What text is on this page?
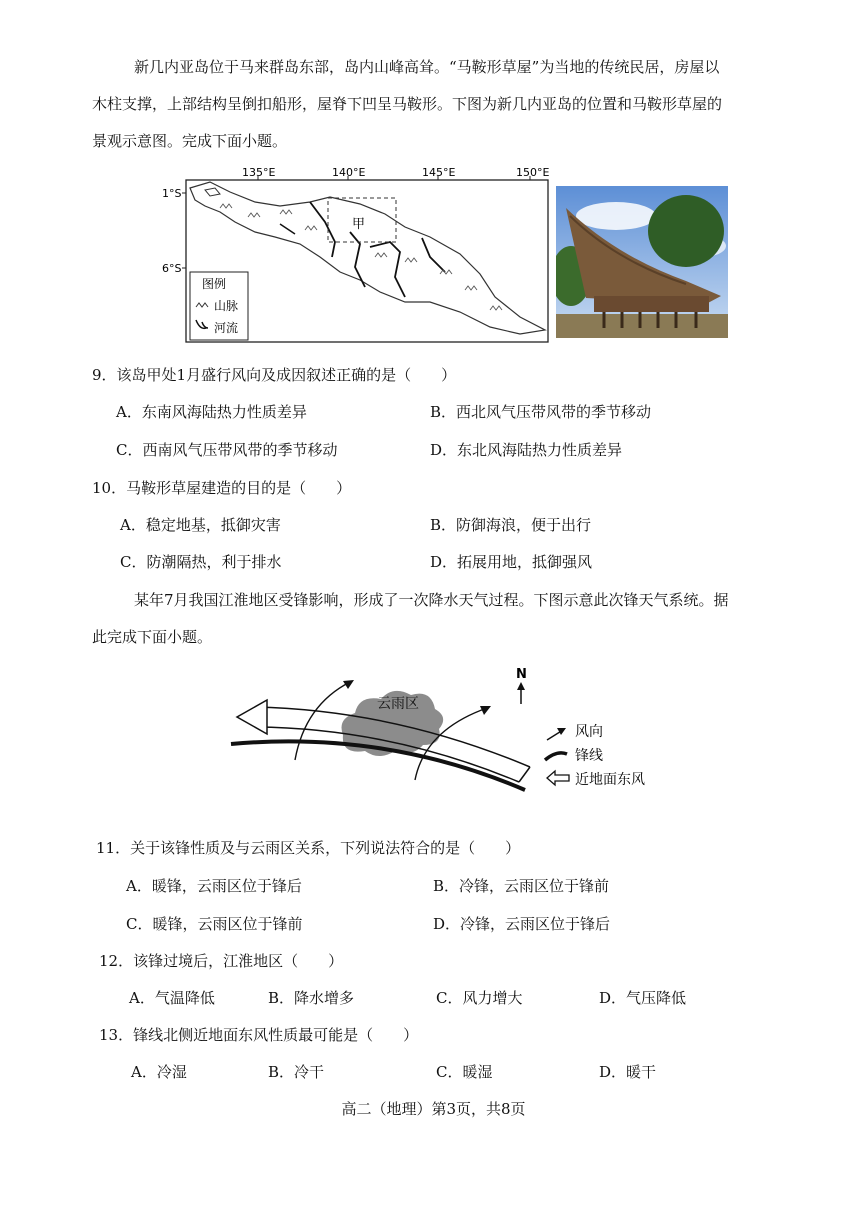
新几内亚岛位于马来群岛东部，岛内山峰高耸。“马鞍形草屋”为当地的传统民居，房屋以
木柱支撑，上部结构呈倒扣船形，屋脊下凹呈马鞍形。下图为新几内亚岛的位置和马鞍形草屋的
景观示意图。完成下面小题。
135°E	140°E	145°E	150°E
1°S
6°S
甲
图例
山脉
河流
9．该岛甲处1月盛行风向及成因叙述正确的是（　　）
A．东南风海陆热力性质差异	B．西北风气压带风带的季节移动
C．西南风气压带风带的季节移动	D．东北风海陆热力性质差异
10．马鞍形草屋建造的目的是（　　）
A．稳定地基，抵御灾害	B．防御海浪，便于出行
C．防潮隔热，利于排水	D．拓展用地，抵御强风
某年7月我国江淮地区受锋影响，形成了一次降水天气过程。下图示意此次锋天气系统。据
此完成下面小题。
云雨区
N
风向
锋线
近地面东风
11．关于该锋性质及与云雨区关系，下列说法符合的是（　　）
A．暖锋，云雨区位于锋后	B．冷锋，云雨区位于锋前
C．暖锋，云雨区位于锋前	D．冷锋，云雨区位于锋后
12．该锋过境后，江淮地区（　　）
A．气温降低	B．降水增多	C．风力增大	D．气压降低
13．锋线北侧近地面东风性质最可能是（　　）
A．冷湿	B．冷干	C．暖湿	D．暖干
高二（地理）第3页，共8页
